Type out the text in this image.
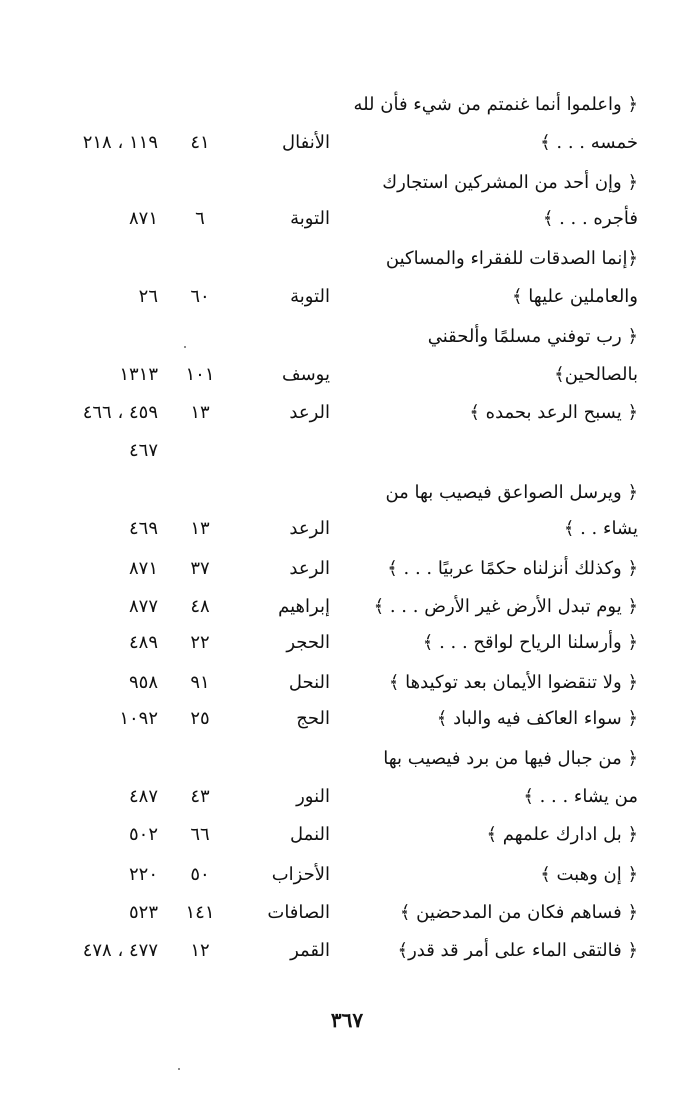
﴿ واعلموا أنما غنمتم من شيء فأن لله
خمسه . . . ﴾
الأنفال
٤١
١١٩ ، ٢١٨
﴿ وإن أحد من المشركين استجارك
فأجره . . . ﴾
التوبة
٦
٨٧١
﴿إنما الصدقات للفقراء والمساكين
والعاملين عليها ﴾
التوبة
٦٠
٢٦
﴿ رب توفني مسلمًا وألحقني
بالصالحين﴾
يوسف
١٠١
١٣١٣
﴿ يسبح الرعد بحمده ﴾
الرعد
١٣
٤٥٩ ، ٤٦٦
٤٦٧
﴿ ويرسل الصواعق فيصيب بها من
يشاء . . ﴾
الرعد
١٣
٤٦٩
﴿ وكذلك أنزلناه حكمًا عربيًا . . . ﴾
الرعد
٣٧
٨٧١
﴿ يوم تبدل الأرض غير الأرض . . . ﴾
إبراهيم
٤٨
٨٧٧
﴿ وأرسلنا الرياح لواقح . . . ﴾
الحجر
٢٢
٤٨٩
﴿ ولا تنقضوا الأيمان بعد توكيدها ﴾
النحل
٩١
٩٥٨
﴿ سواء العاكف فيه والباد ﴾
الحج
٢٥
١٠٩٢
﴿ من جبال فيها من برد فيصيب بها
من يشاء . . . ﴾
النور
٤٣
٤٨٧
﴿ بل ادارك علمهم ﴾
النمل
٦٦
٥٠٢
﴿ إن وهبت ﴾
الأحزاب
٥٠
٢٢٠
﴿ فساهم فكان من المدحضين ﴾
الصافات
١٤١
٥٢٣
﴿ فالتقى الماء على أمر قد قدر﴾
القمر
١٢
٤٧٧ ، ٤٧٨
٣٦٧
